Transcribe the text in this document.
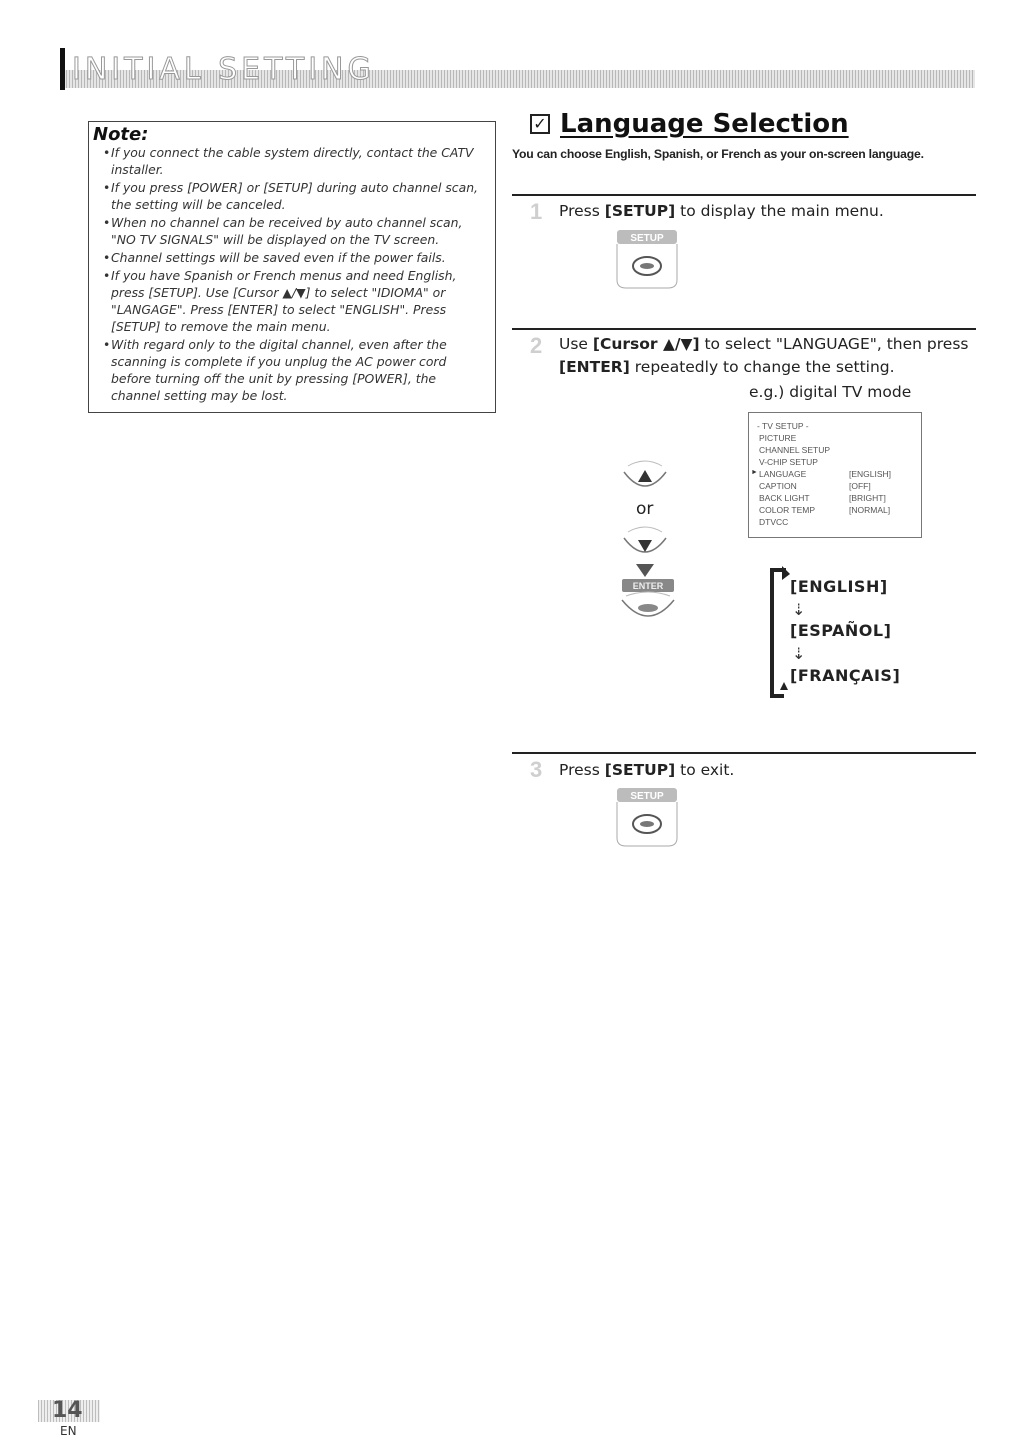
INITIAL SETTING
Note:
• If you connect the cable system directly, contact the CATV installer.
• If you press [POWER] or [SETUP] during auto channel scan, the setting will be canceled.
• When no channel can be received by auto channel scan, "NO TV SIGNALS" will be displayed on the TV screen.
• Channel settings will be saved even if the power fails.
• If you have Spanish or French menus and need English, press [SETUP]. Use [Cursor ▲/▼] to select "IDIOMA" or "LANGAGE". Press [ENTER] to select "ENGLISH". Press [SETUP] to remove the main menu.
• With regard only to the digital channel, even after the scanning is complete if you unplug the AC power cord before turning off the unit by pressing [POWER], the channel setting may be lost.
✓ Language Selection
You can choose English, Spanish, or French as your on-screen language.
1 Press [SETUP] to display the main menu.
SETUP
2 Use [Cursor ▲/▼] to select "LANGUAGE", then press [ENTER] repeatedly to change the setting.
e.g.) digital TV mode
or
ENTER
- TV SETUP -
PICTURE
CHANNEL SETUP
V-CHIP SETUP
► LANGUAGE	[ENGLISH]
CAPTION	[OFF]
BACK LIGHT	[BRIGHT]
COLOR TEMP	[NORMAL]
DTVCC
[ENGLISH]
⇣
[ESPAÑOL]
⇣
[FRANÇAIS]
3 Press [SETUP] to exit.
SETUP
14
EN
